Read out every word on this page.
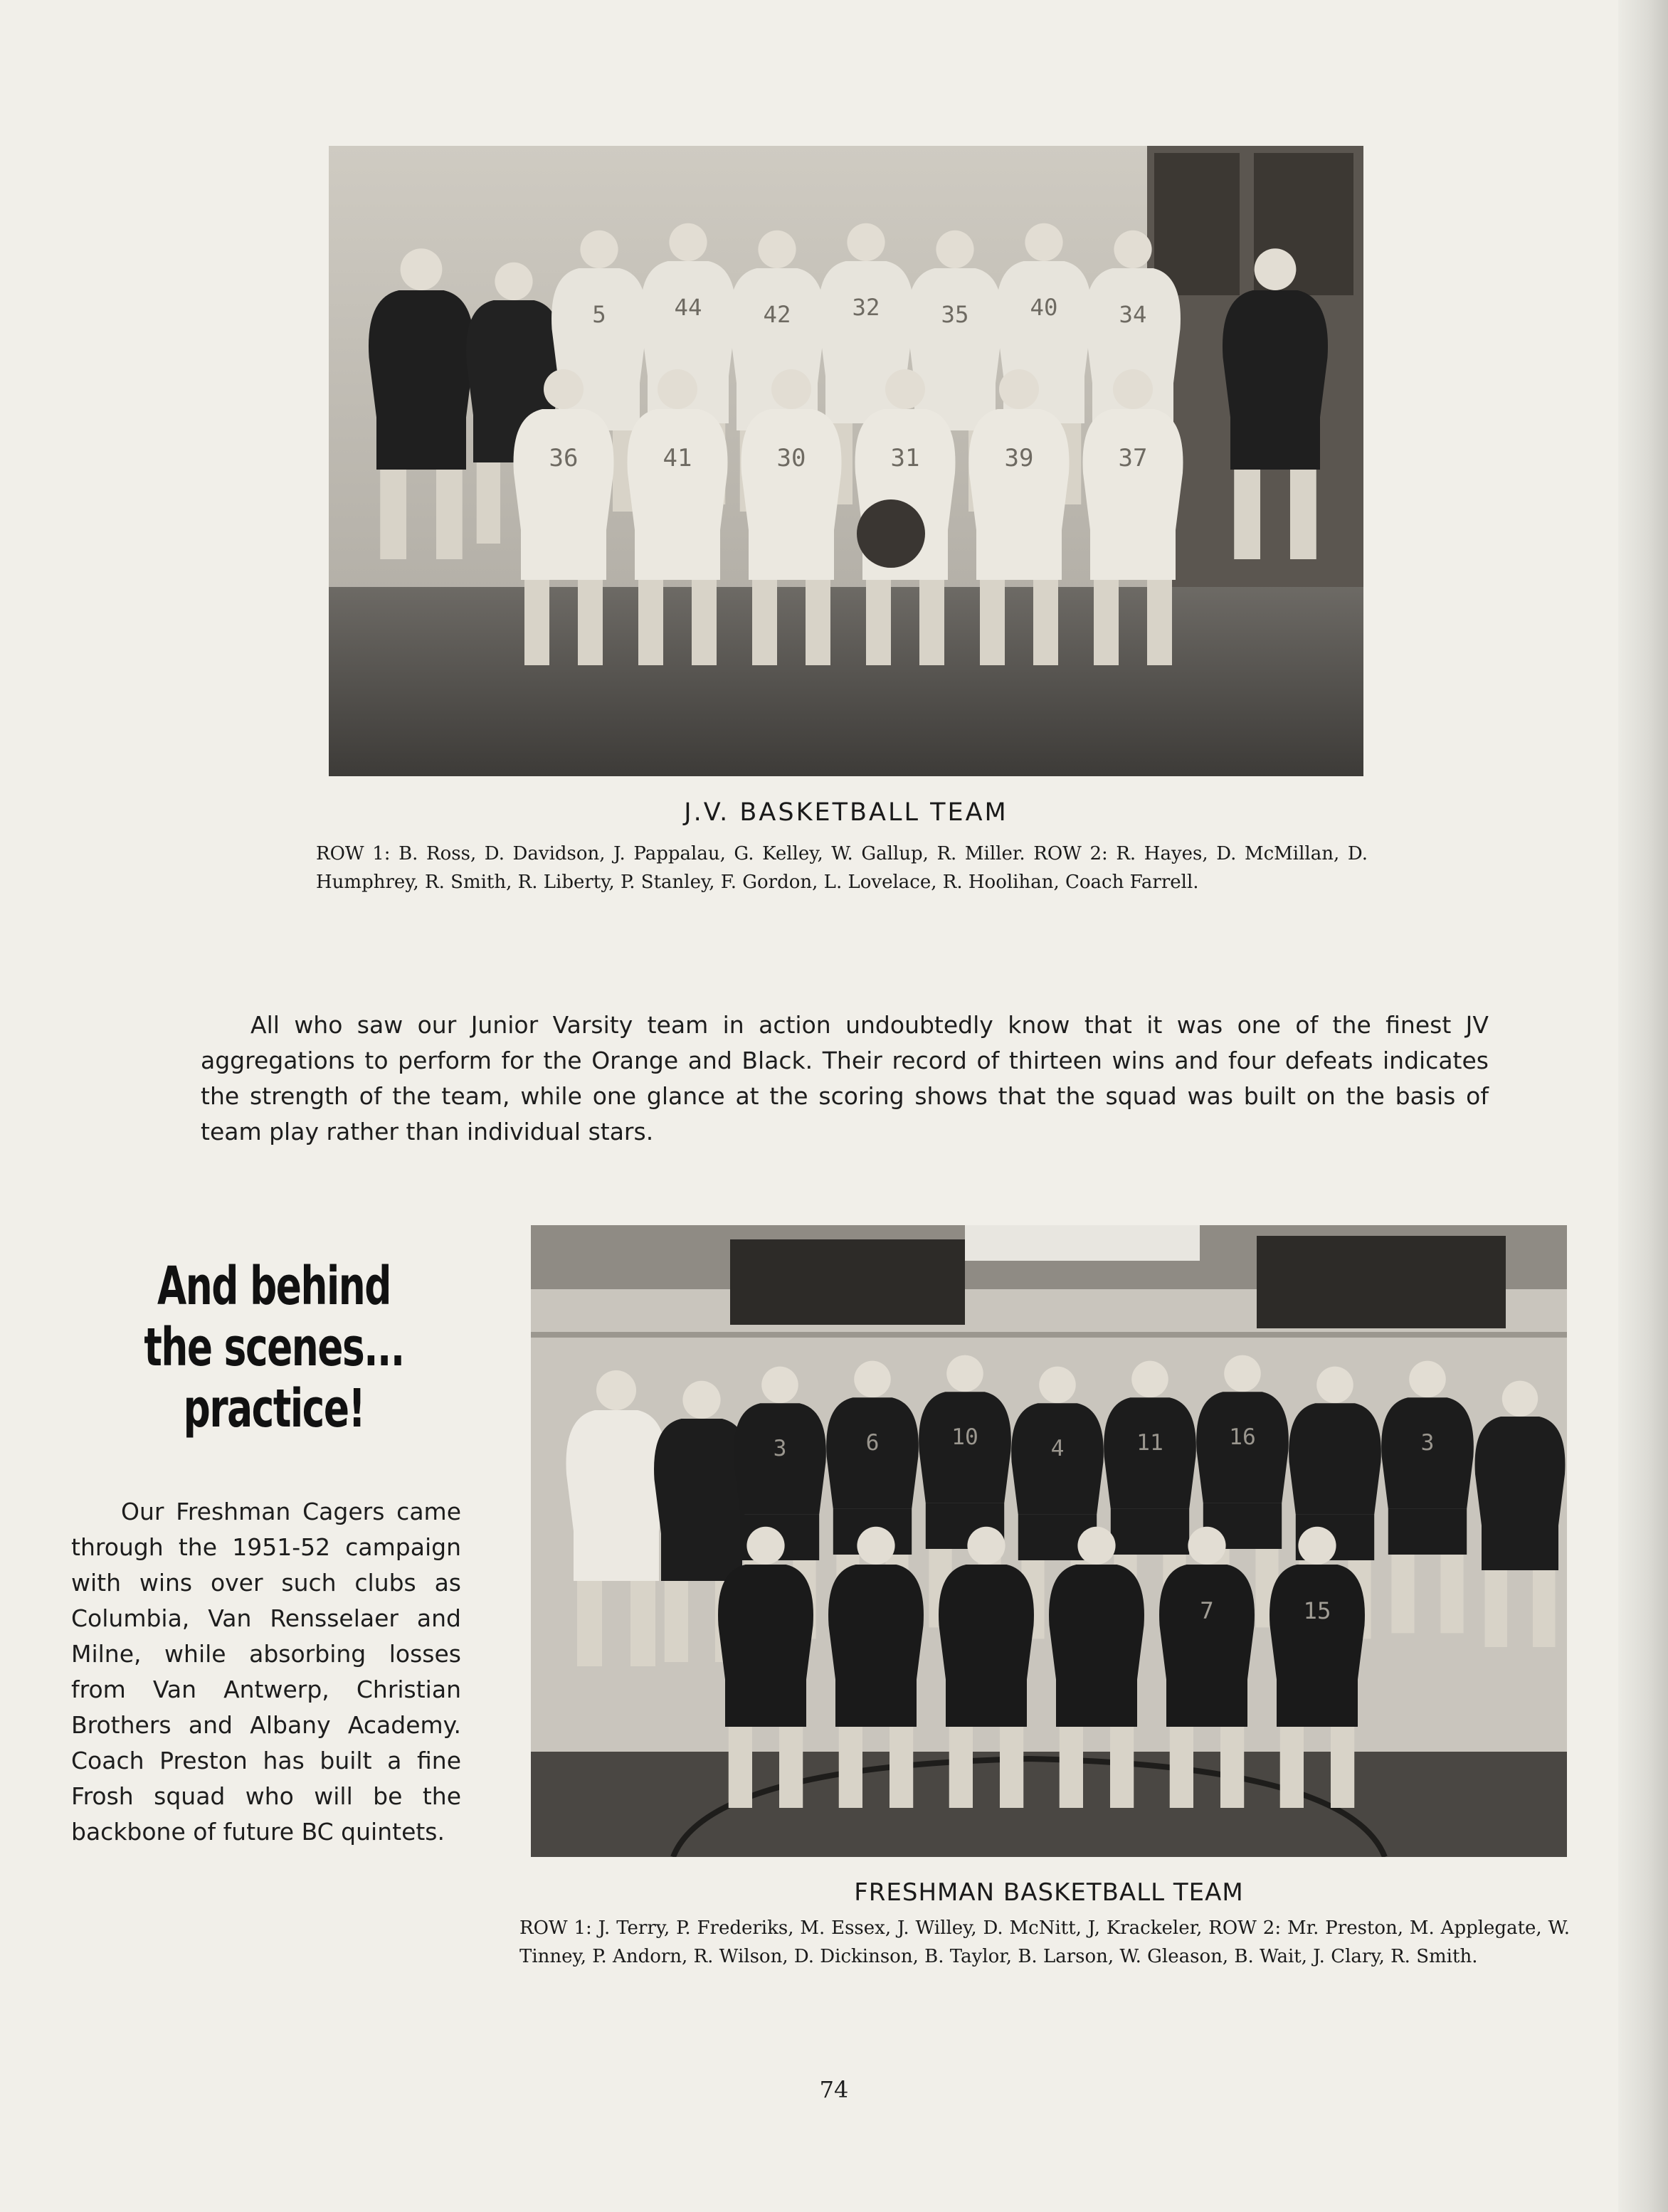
5	44	42	32	35	40	34
36	41	30	31	39	37
J.V. BASKETBALL TEAM

ROW 1: B. Ross, D. Davidson, J. Pappalau, G. Kelley, W. Gallup, R. Miller. ROW 2: R. Hayes, D. McMillan, D. Humphrey, R. Smith, R. Liberty, P. Stanley, F. Gordon, L. Lovelace, R. Hoolihan, Coach Farrell.

All who saw our Junior Varsity team in action undoubtedly know that it was one of the finest JV aggregations to perform for the Orange and Black. Their record of thirteen wins and four defeats indicates the strength of the team, while one glance at the scoring shows that the squad was built on the basis of team play rather than individual stars.

And behind
the scenes...
practice!

Our Freshman Cagers came through the 1951-52 campaign with wins over such clubs as Columbia, Van Rensselaer and Milne, while absorbing losses from Van Antwerp, Christian Brothers and Albany Academy. Coach Preston has built a fine Frosh squad who will be the backbone of future BC quintets.

3	6	10	4	11	16	3
7	15
FRESHMAN BASKETBALL TEAM

ROW 1: J. Terry, P. Frederiks, M. Essex, J. Willey, D. McNitt, J, Krackeler, ROW 2: Mr. Preston, M. Applegate, W. Tinney, P. Andorn, R. Wilson, D. Dickinson, B. Taylor, B. Larson, W. Gleason, B. Wait, J. Clary, R. Smith.

74
